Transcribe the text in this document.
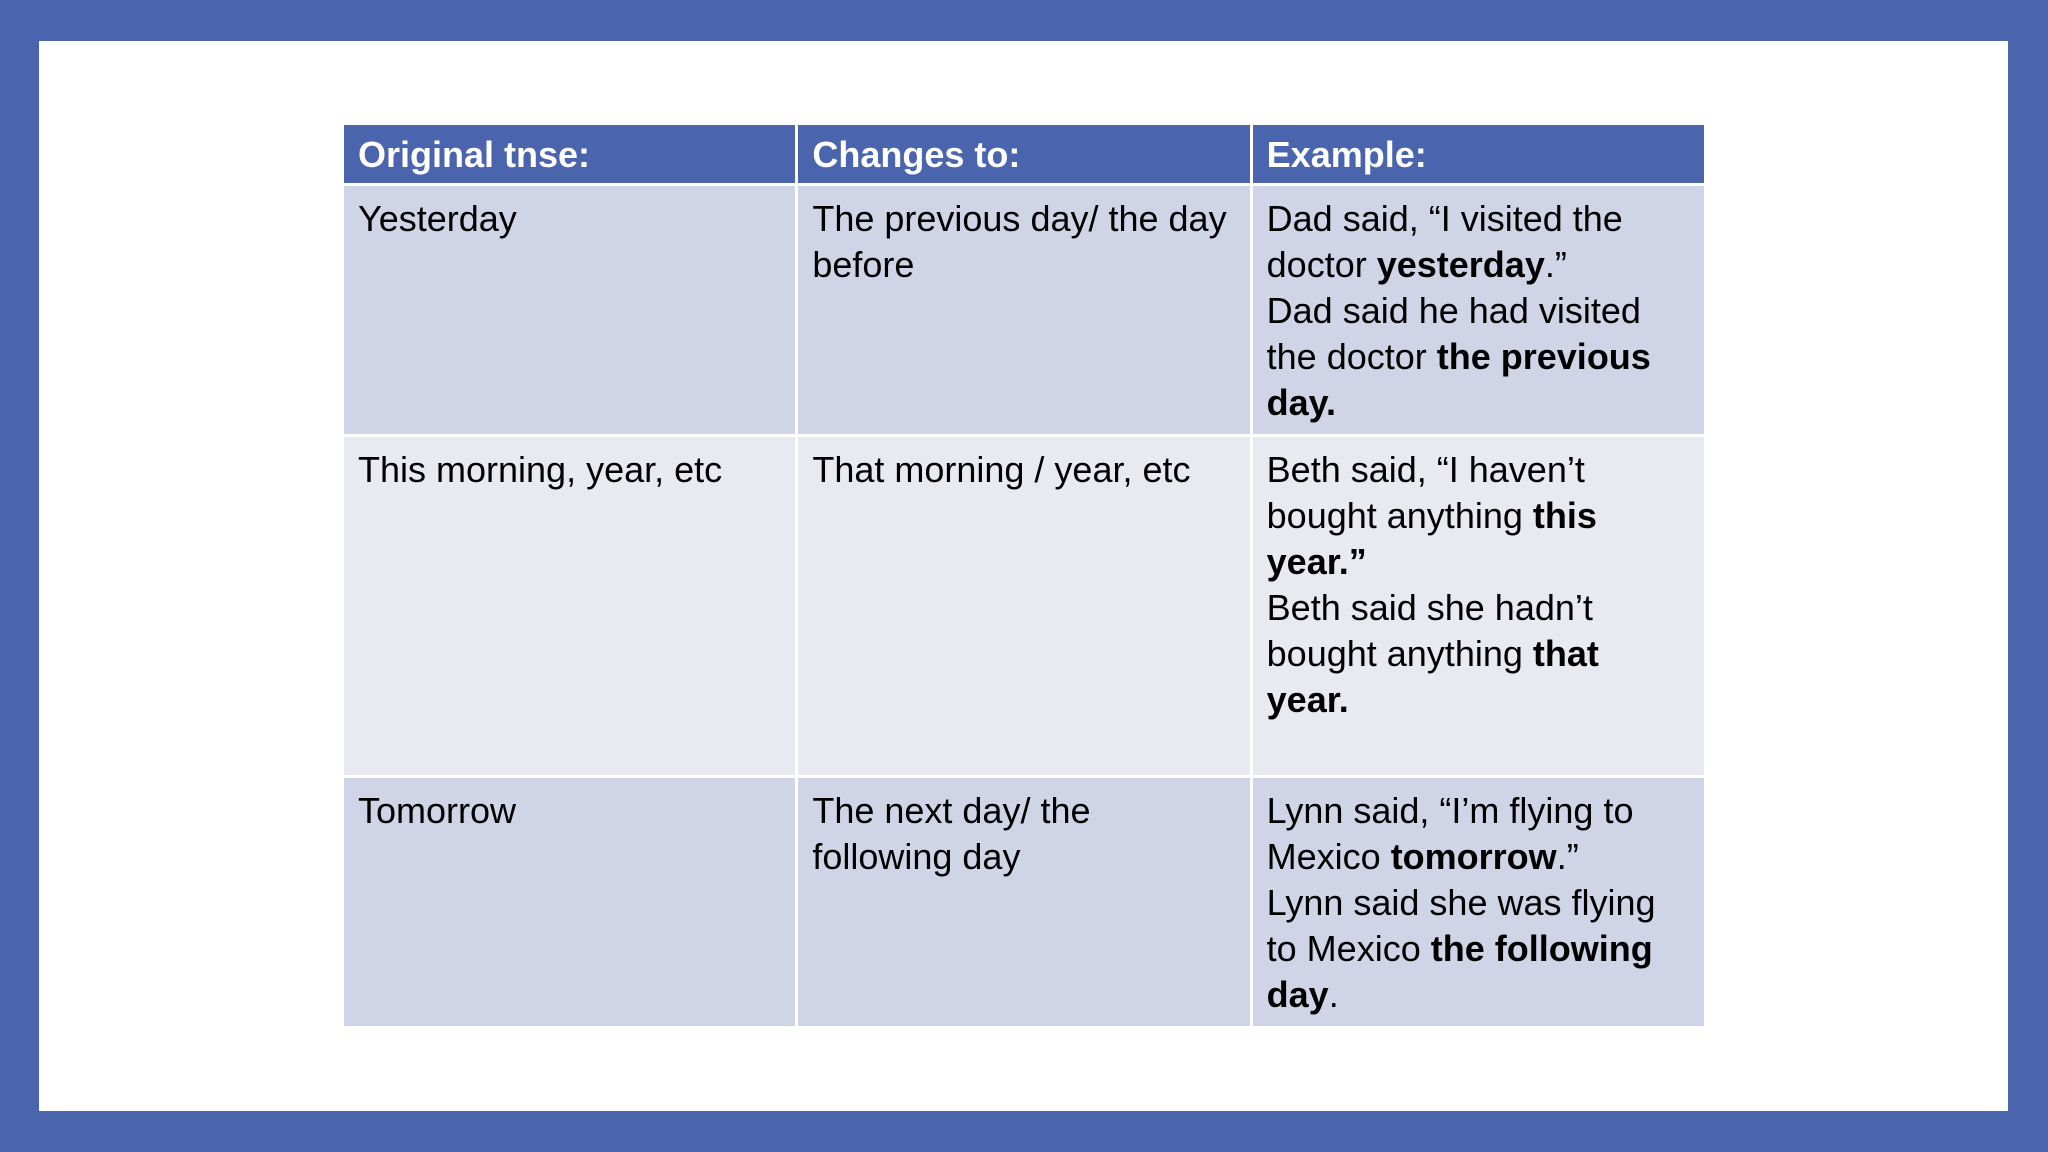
Original tnse:	Changes to:	Example:
Yesterday	The previous day/ the day before	Dad said, “I visited the doctor yesterday.”
Dad said he had visited the doctor the previous day.

This morning, year, etc	That morning / year, etc	Beth said, “I haven’t bought anything this year.”
Beth said she hadn’t bought anything that year.

Tomorrow	The next day/ the following day	Lynn said, “I’m flying to Mexico tomorrow.”
Lynn said she was flying to Mexico the following day.
